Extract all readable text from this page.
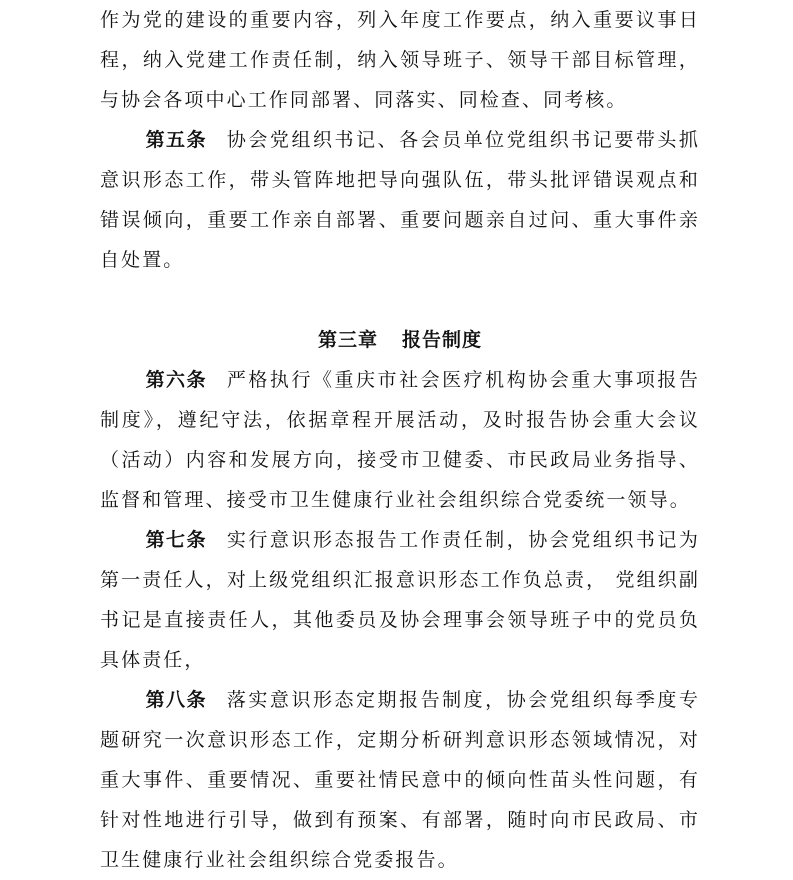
作为党的建设的重要内容，列入年度工作要点，纳入重要议事日程，纳入党建工作责任制，纳入领导班子、领导干部目标管理，与协会各项中心工作同部署、同落实、同检查、同考核。

第五条 协会党组织书记、各会员单位党组织书记要带头抓意识形态工作，带头管阵地把导向强队伍，带头批评错误观点和错误倾向，重要工作亲自部署、重要问题亲自过问、重大事件亲自处置。

第三章 报告制度

第六条 严格执行《重庆市社会医疗机构协会重大事项报告制度》，遵纪守法，依据章程开展活动，及时报告协会重大会议（活动）内容和发展方向，接受市卫健委、市民政局业务指导、监督和管理、接受市卫生健康行业社会组织综合党委统一领导。

第七条 实行意识形态报告工作责任制，协会党组织书记为第一责任人，对上级党组织汇报意识形态工作负总责， 党组织副书记是直接责任人，其他委员及协会理事会领导班子中的党员负具体责任，

第八条 落实意识形态定期报告制度，协会党组织每季度专题研究一次意识形态工作，定期分析研判意识形态领域情况，对重大事件、重要情况、重要社情民意中的倾向性苗头性问题，有针对性地进行引导，做到有预案、有部署，随时向市民政局、市卫生健康行业社会组织综合党委报告。
